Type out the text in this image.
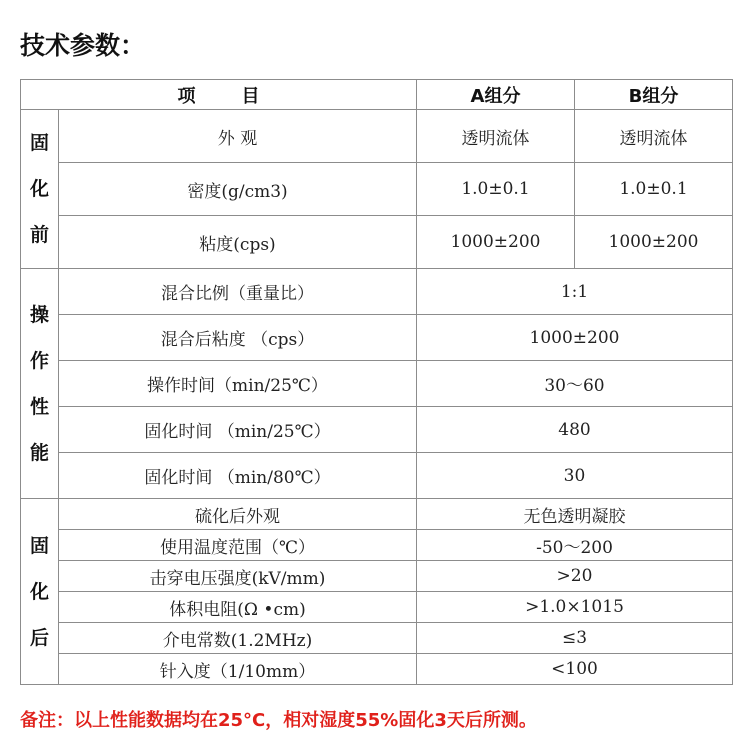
技术参数：
项 目		A组分	B组分

固
化
前	外 观	透明流体	透明流体
	密度(g/cm3)	1.0±0.1	1.0±0.1
	粘度(cps)	1000±200	1000±200

操
作
性
能	混合比例（重量比）	1:1	
	混合后粘度 （cps）	1000±200	
	操作时间（min/25℃）	30～60	
	固化时间 （min/25℃）	480	
	固化时间 （min/80℃）	30	

固
化
后	硫化后外观	无色透明凝胶	
	使用温度范围（℃）	-50～200	
	击穿电压强度(kV/mm)	>20	
	体积电阻(Ω •cm)	>1.0×1015	
	介电常数(1.2MHz)	≤3	
	针入度（1/10mm）	<100	
备注：以上性能数据均在25°C，相对湿度55%固化3天后所测。
